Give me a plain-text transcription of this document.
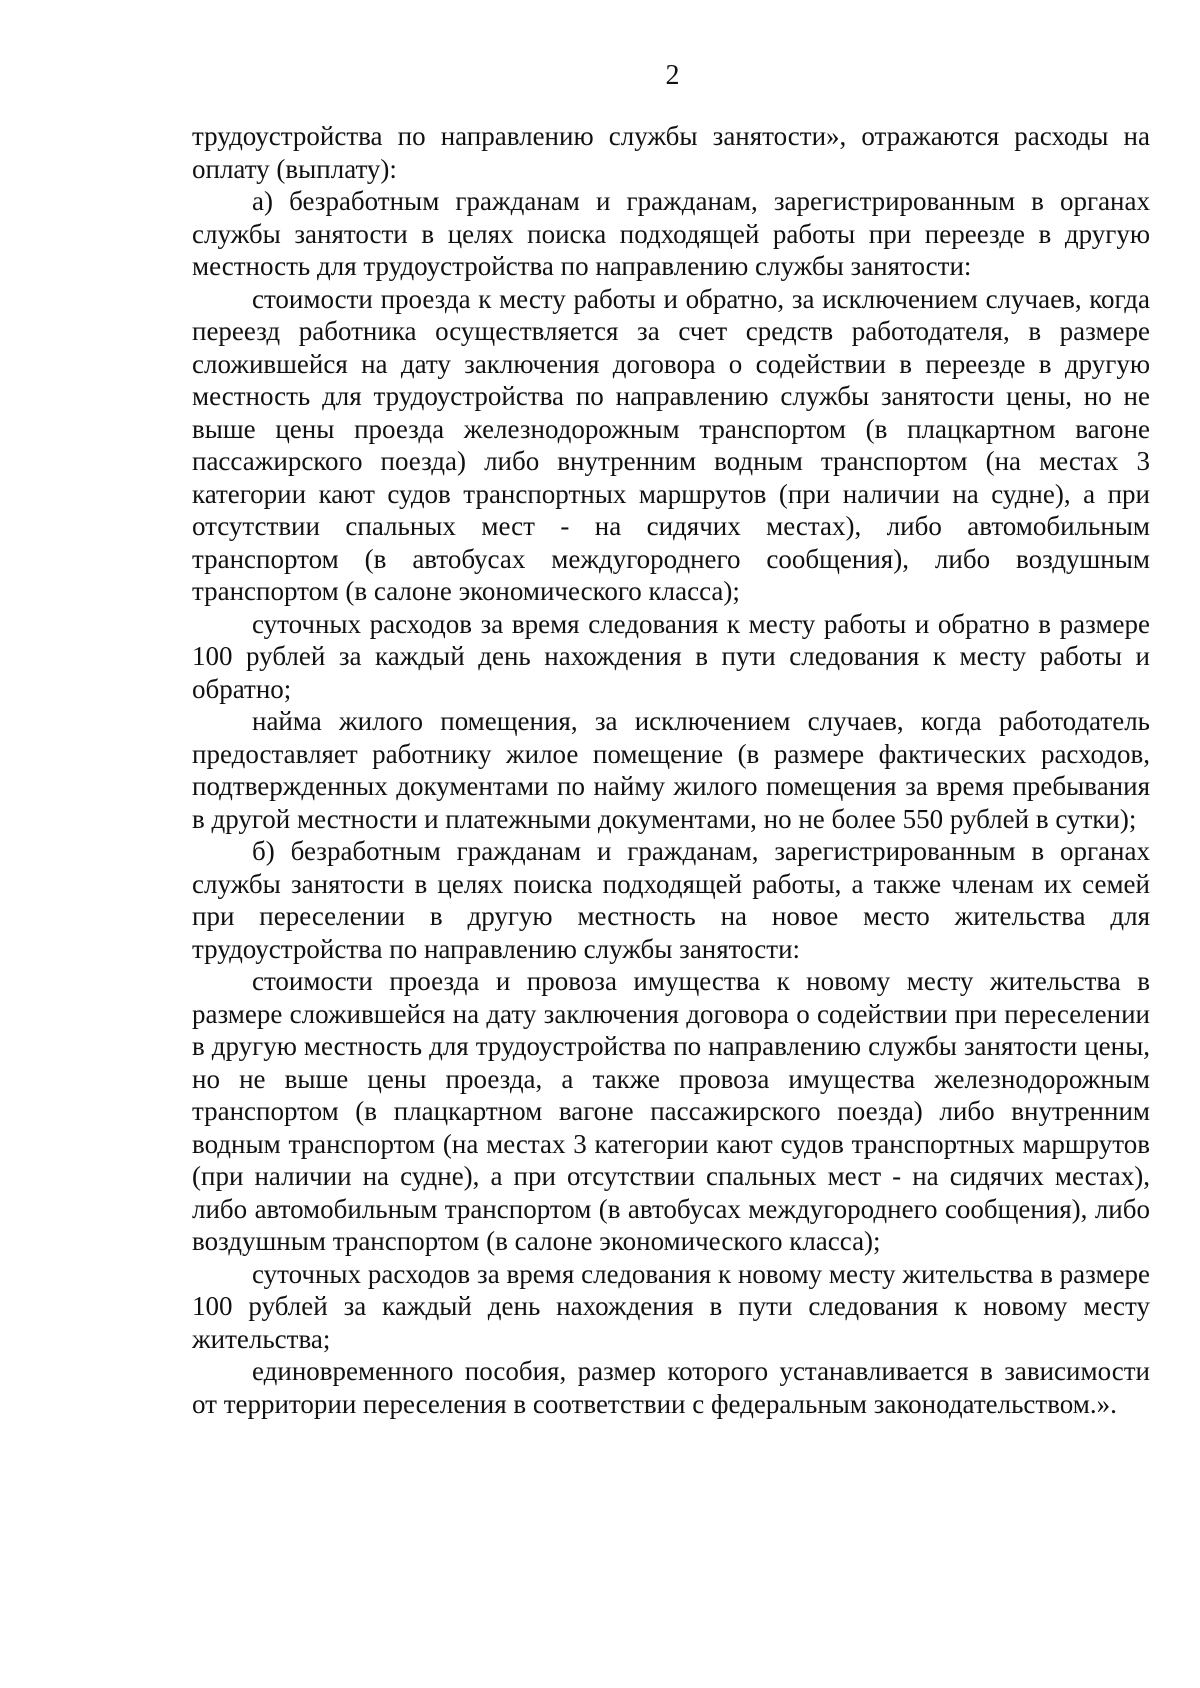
2

трудоустройства по направлению службы занятости», отражаются расходы на оплату (выплату):

а) безработным гражданам и гражданам, зарегистрированным в органах службы занятости в целях поиска подходящей работы при переезде в другую местность для трудоустройства по направлению службы занятости:

стоимости проезда к месту работы и обратно, за исключением случаев, когда переезд работника осуществляется за счет средств работодателя, в размере сложившейся на дату заключения договора о содействии в переезде в другую местность для трудоустройства по направлению службы занятости цены, но не выше цены проезда железнодорожным транспортом (в плацкартном вагоне пассажирского поезда) либо внутренним водным транспортом (на местах 3 категории кают судов транспортных маршрутов (при наличии на судне), а при отсутствии спальных мест - на сидячих местах), либо автомобильным транспортом (в автобусах междугороднего сообщения), либо воздушным транспортом (в салоне экономического класса);

суточных расходов за время следования к месту работы и обратно в размере 100 рублей за каждый день нахождения в пути следования к месту работы и обратно;

найма жилого помещения, за исключением случаев, когда работодатель предоставляет работнику жилое помещение (в размере фактических расходов, подтвержденных документами по найму жилого помещения за время пребывания в другой местности и платежными документами, но не более 550 рублей в сутки);

б) безработным гражданам и гражданам, зарегистрированным в органах службы занятости в целях поиска подходящей работы, а также членам их семей при переселении в другую местность на новое место жительства для трудоустройства по направлению службы занятости:

стоимости проезда и провоза имущества к новому месту жительства в размере сложившейся на дату заключения договора о содействии при переселении в другую местность для трудоустройства по направлению службы занятости цены, но не выше цены проезда, а также провоза имущества железнодорожным транспортом (в плацкартном вагоне пассажирского поезда) либо внутренним водным транспортом (на местах 3 категории кают судов транспортных маршрутов (при наличии на судне), а при отсутствии спальных мест - на сидячих местах), либо автомобильным транспортом (в автобусах междугороднего сообщения), либо воздушным транспортом (в салоне экономического класса);

суточных расходов за время следования к новому месту жительства в размере 100 рублей за каждый день нахождения в пути следования к новому месту жительства;

единовременного пособия, размер которого устанавливается в зависимости от территории переселения в соответствии с федеральным законодательством.».
